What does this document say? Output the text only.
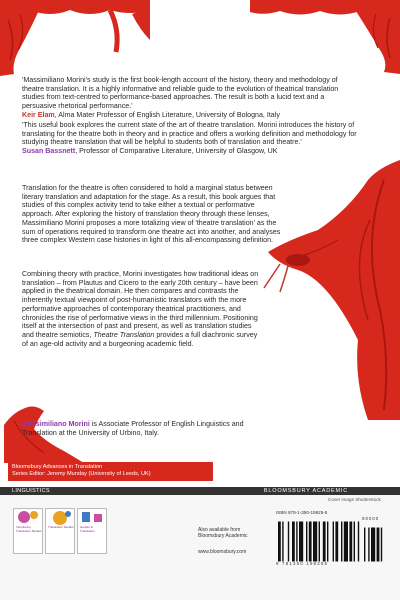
'Massimiliano Morini's study is the first book-length account of the history, theory and methodology of theatre translation. It is a highly informative and reliable guide to the evolution of theatrical translation studies from text-centred to performance-based approaches. The result is both a lucid text and a persuasive rhetorical performance.'
Keir Elam, Alma Mater Professor of English Literature, University of Bologna, Italy
'This useful book explores the current state of the art of theatre translation. Morini introduces the history of translating for the theatre both in theory and in practice and offers a working definition and methodology for studying theatre translation that will be helpful to students both of translation and theatre.'
Susan Bassnett, Professor of Comparative Literature, University of Glasgow, UK
Translation for the theatre is often considered to hold a marginal status between literary translation and adaptation for the stage. As a result, this book argues that studies of this complex activity tend to take either a textual or performative approach. After exploring the history of translation theory through these lenses, Massimiliano Morini proposes a more totalizing view of 'theatre translation' as the sum of operations required to transform one theatre act into another, and analyses three complex Western case histories in light of this all-encompassing definition.
Combining theory with practice, Morini investigates how traditional ideas on translation – from Plautus and Cicero to the early 20th century – have been applied in the theatrical domain. He then compares and contrasts the inherently textual viewpoint of post-humanistic translators with the more performative approaches of contemporary theatrical practitioners, and chronicles the rise of performative views in the third millennium. Positioning itself at the intersection of past and present, as well as translation studies and theatre semiotics, Theatre Translation provides a full diachronic survey of an age-old activity and a burgeoning academic field.
Massimiliano Morini is Associate Professor of English Linguistics and Translation at the University of Urbino, Italy.
Bloomsbury Advances in Translation
Series Editor: Jeremy Munday (University of Leeds, UK)
LINGUISTICS	BLOOMSBURY ACADEMIC
Cover image Shutterstock
Introducing Translation Studies
Translation Studies Gender in Translation	Also available from
Bloomsbury Academic
www.bloomsbury.com
ISBN 978-1-350-19925-5
9 781350 199255
90000
